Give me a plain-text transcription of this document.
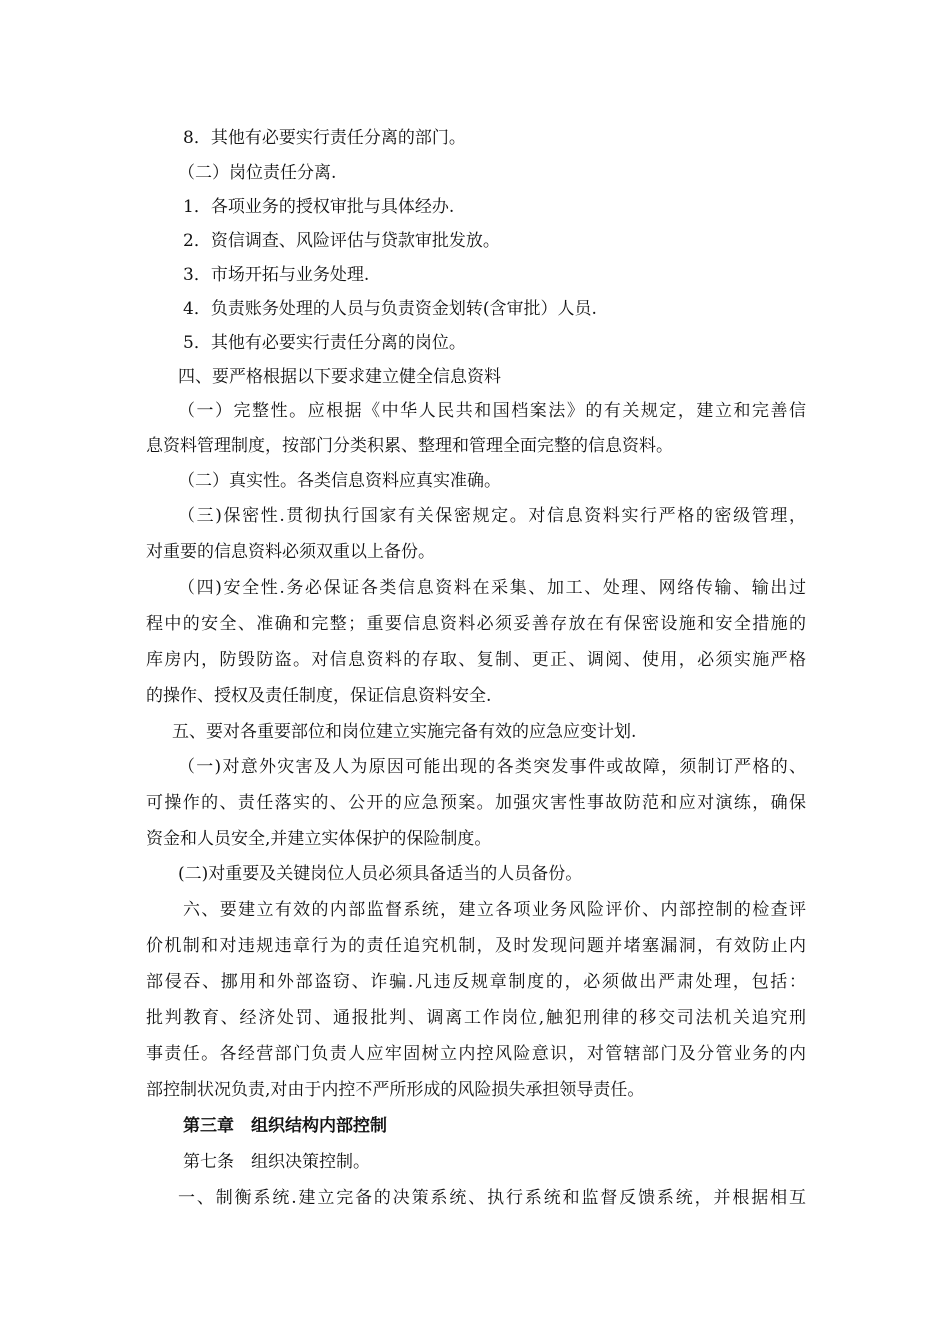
8．其他有必要实行责任分离的部门。
（二）岗位责任分离.
1．各项业务的授权审批与具体经办.
2．资信调查、风险评估与贷款审批发放。
3．市场开拓与业务处理.
4．负责账务处理的人员与负责资金划转(含审批）人员.
5．其他有必要实行责任分离的岗位。
四、要严格根据以下要求建立健全信息资料
（一）完整性。应根据《中华人民共和国档案法》的有关规定，建立和完善信
息资料管理制度，按部门分类积累、整理和管理全面完整的信息资料。
（二）真实性。各类信息资料应真实准确。
（三)保密性.贯彻执行国家有关保密规定。对信息资料实行严格的密级管理，
对重要的信息资料必须双重以上备份。
（四)安全性.务必保证各类信息资料在采集、加工、处理、网络传输、输出过
程中的安全、准确和完整；重要信息资料必须妥善存放在有保密设施和安全措施的
库房内，防毁防盗。对信息资料的存取、复制、更正、调阅、使用，必须实施严格
的操作、授权及责任制度，保证信息资料安全.
五、要对各重要部位和岗位建立实施完备有效的应急应变计划.
（一)对意外灾害及人为原因可能出现的各类突发事件或故障，须制订严格的、
可操作的、责任落实的、公开的应急预案。加强灾害性事故防范和应对演练，确保
资金和人员安全,并建立实体保护的保险制度。
(二)对重要及关键岗位人员必须具备适当的人员备份。
六、要建立有效的内部监督系统，建立各项业务风险评价、内部控制的检查评
价机制和对违规违章行为的责任追究机制，及时发现问题并堵塞漏洞，有效防止内
部侵吞、挪用和外部盗窃、诈骗.凡违反规章制度的，必须做出严肃处理，包括：
批判教育、经济处罚、通报批判、调离工作岗位,触犯刑律的移交司法机关追究刑
事责任。各经营部门负责人应牢固树立内控风险意识，对管辖部门及分管业务的内
部控制状况负责,对由于内控不严所形成的风险损失承担领导责任。
第三章　组织结构内部控制
第七条　组织决策控制。
一、制衡系统.建立完备的决策系统、执行系统和监督反馈系统，并根据相互
